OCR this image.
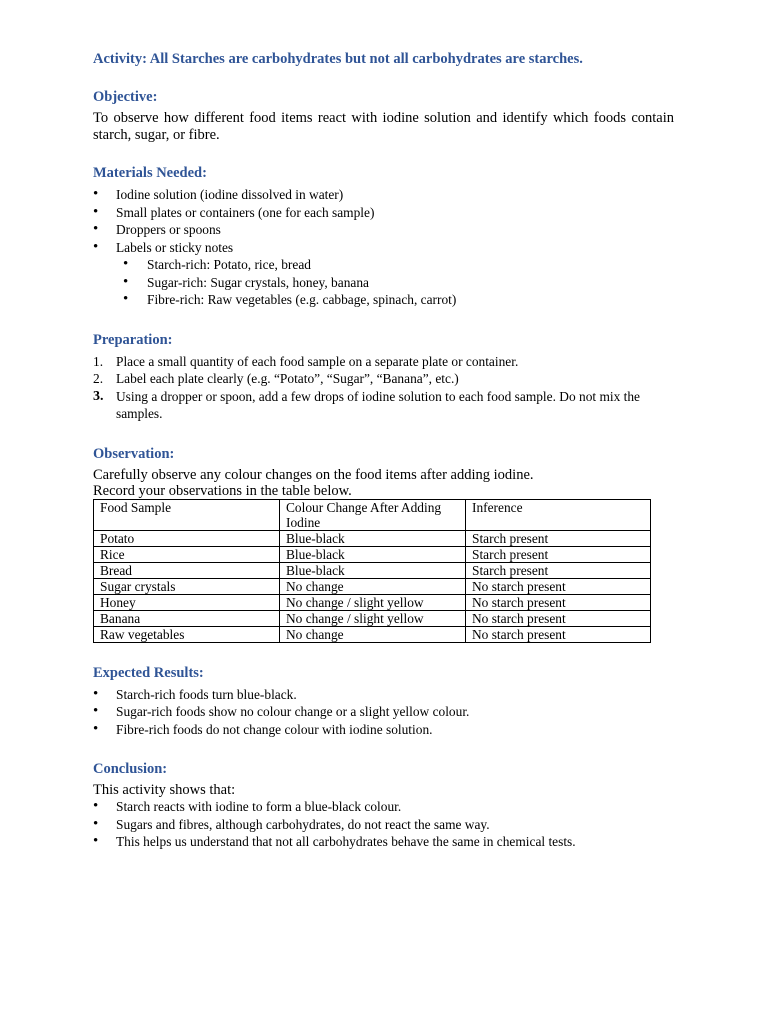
Activity: All Starches are carbohydrates but not all carbohydrates are starches.

Objective:

To observe how different food items react with iodine solution and identify which foods contain starch, sugar, or fibre.

Materials Needed:

• Iodine solution (iodine dissolved in water)
• Small plates or containers (one for each sample)
• Droppers or spoons
• Labels or sticky notes
• Starch-rich: Potato, rice, bread
• Sugar-rich: Sugar crystals, honey, banana
• Fibre-rich: Raw vegetables (e.g. cabbage, spinach, carrot)

Preparation:

1. Place a small quantity of each food sample on a separate plate or container.
2. Label each plate clearly (e.g. “Potato”, “Sugar”, “Banana”, etc.)
3. Using a dropper or spoon, add a few drops of iodine solution to each food sample. Do not mix the samples.

Observation:

Carefully observe any colour changes on the food items after adding iodine.

Record your observations in the table below.

Food Sample	Colour Change After Adding Iodine	Inference
Potato	Blue-black	Starch present
Rice	Blue-black	Starch present
Bread	Blue-black	Starch present
Sugar crystals	No change	No starch present
Honey	No change / slight yellow	No starch present
Banana	No change / slight yellow	No starch present
Raw vegetables	No change	No starch present

Expected Results:

• Starch-rich foods turn blue-black.
• Sugar-rich foods show no colour change or a slight yellow colour.
• Fibre-rich foods do not change colour with iodine solution.

Conclusion:

This activity shows that:

• Starch reacts with iodine to form a blue-black colour.
• Sugars and fibres, although carbohydrates, do not react the same way.
• This helps us understand that not all carbohydrates behave the same in chemical tests.
